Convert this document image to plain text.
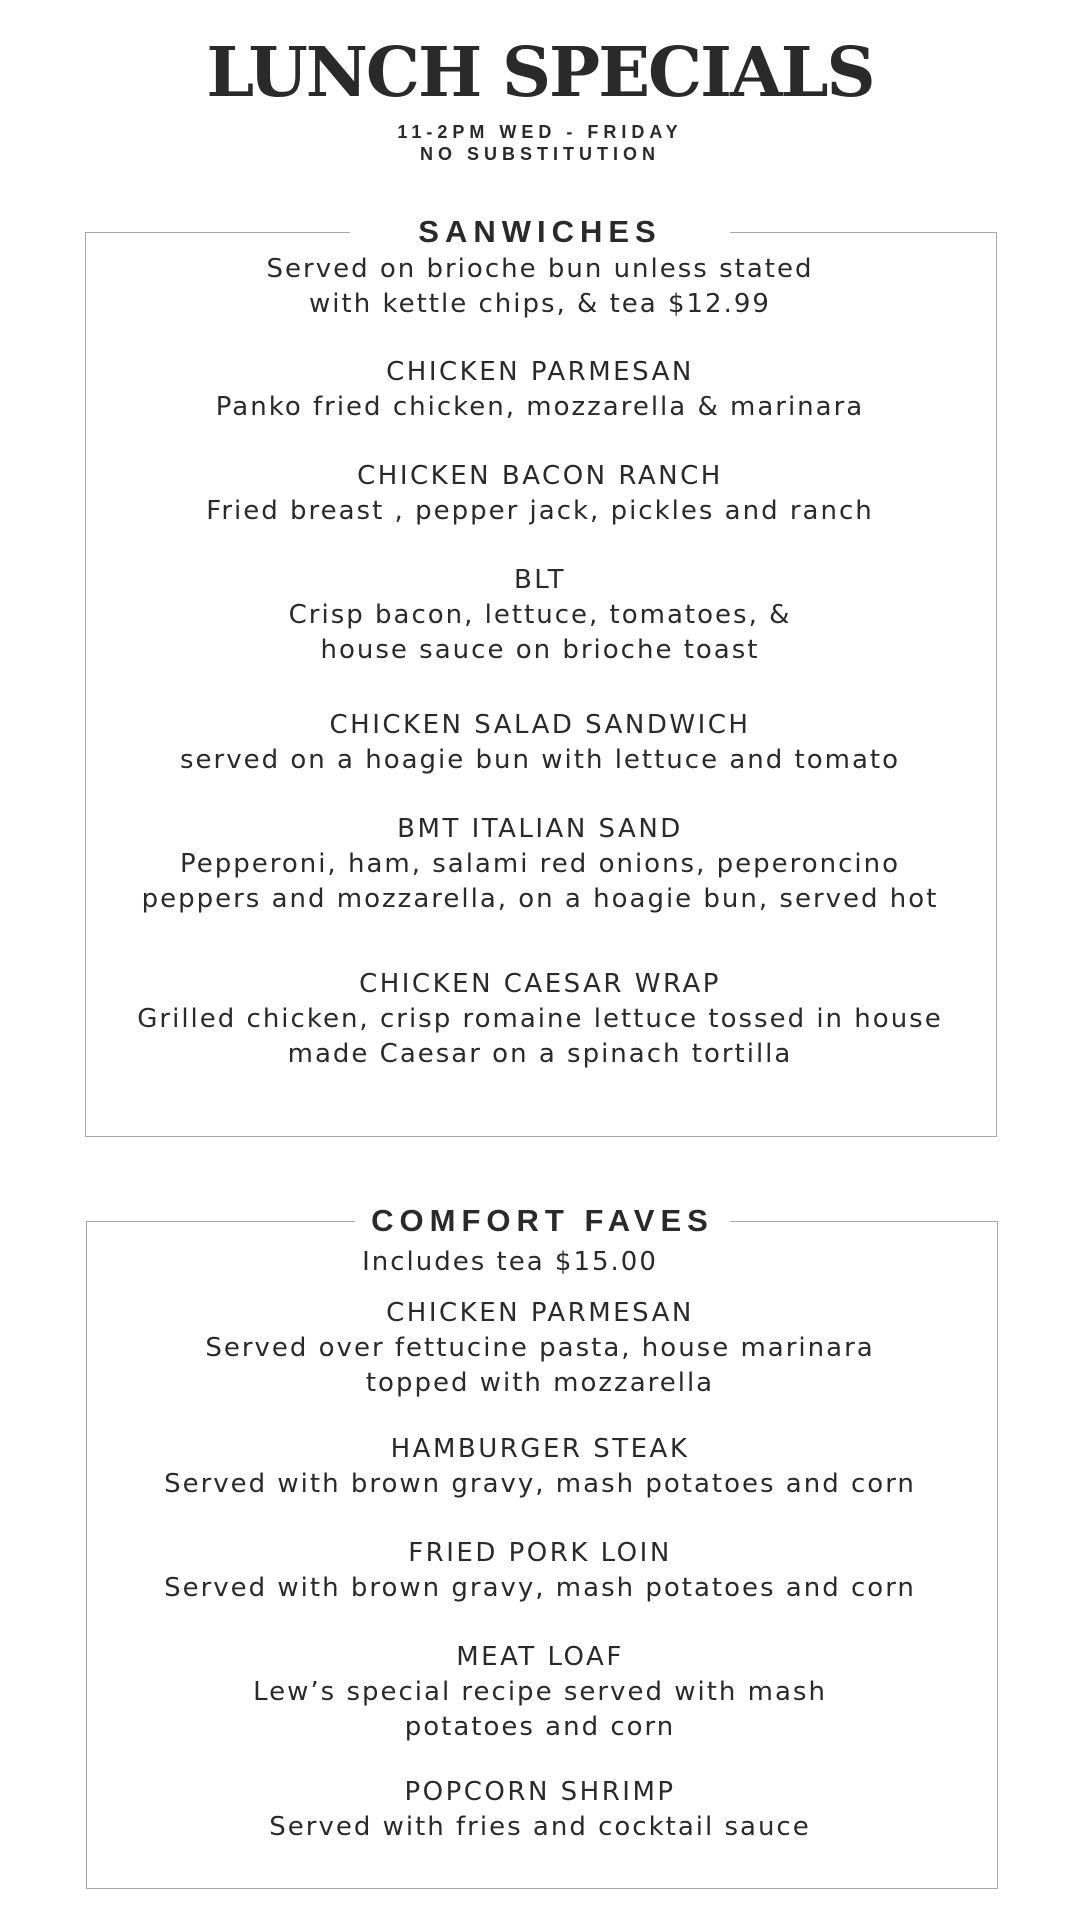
LUNCH SPECIALS
11-2PM WED - FRIDAY
NO SUBSTITUTION
SANWICHES
Served on brioche bun unless stated
with kettle chips, & tea $12.99
CHICKEN PARMESAN
Panko fried chicken, mozzarella & marinara
CHICKEN BACON RANCH
Fried breast , pepper jack, pickles and ranch
BLT
Crisp bacon, lettuce, tomatoes, &
house sauce on brioche toast
CHICKEN SALAD SANDWICH
served on a hoagie bun with lettuce and tomato
BMT ITALIAN SAND
Pepperoni, ham, salami red onions, peperoncino
peppers and mozzarella, on a hoagie bun, served hot
CHICKEN CAESAR WRAP
Grilled chicken, crisp romaine lettuce tossed in house
made Caesar on a spinach tortilla
COMFORT FAVES
Includes tea $15.00
CHICKEN PARMESAN
Served over fettucine pasta, house marinara
topped with mozzarella
HAMBURGER STEAK
Served with brown gravy, mash potatoes and corn
FRIED PORK LOIN
Served with brown gravy, mash potatoes and corn
MEAT LOAF
Lew’s special recipe served with mash
potatoes and corn
POPCORN SHRIMP
Served with fries and cocktail sauce
